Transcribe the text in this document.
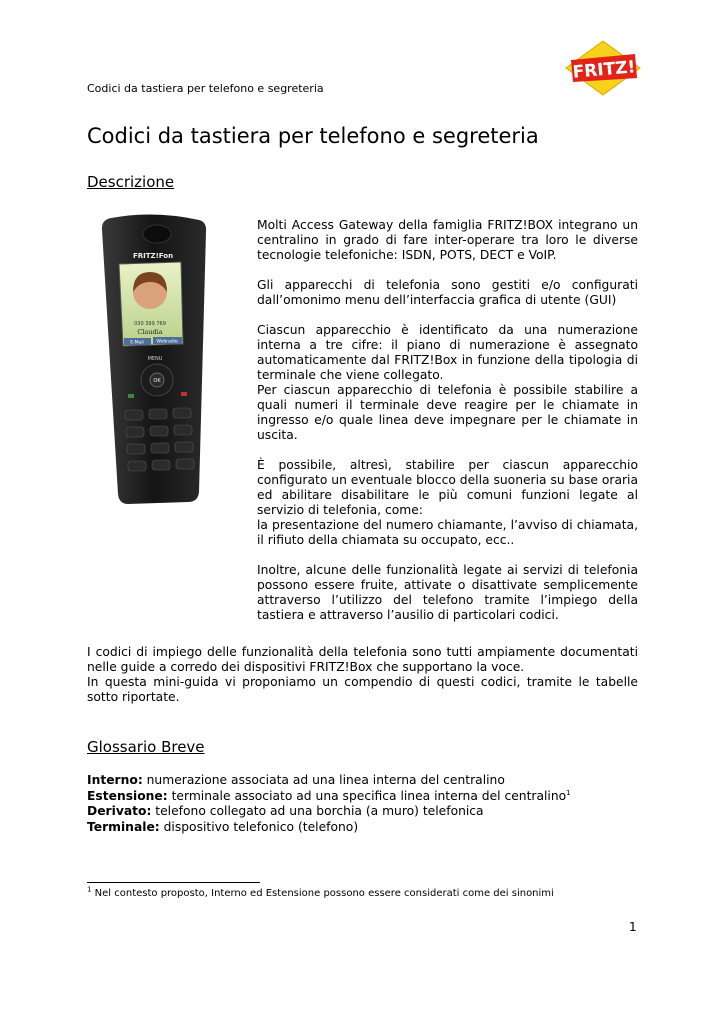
Codici da tastiera per telefono e segreteria
FRITZ!
Codici da tastiera per telefono e segreteria
Descrizione
FRITZ!Fon
030 399 769
Claudia
E-Mail	Webradio
MENU
OK

Molti Access Gateway della famiglia FRITZ!BOX integrano un centralino in grado di fare inter-operare tra loro le diverse tecnologie telefoniche: ISDN, POTS, DECT e VoIP.

Gli apparecchi di telefonia sono gestiti e/o configurati dall’omonimo menu dell’interfaccia grafica di utente (GUI)

Ciascun apparecchio è identificato da una numerazione interna a tre cifre: il piano di numerazione è assegnato automaticamente dal FRITZ!Box in funzione della tipologia di terminale che viene collegato.

Per ciascun apparecchio di telefonia è possibile stabilire a quali numeri il terminale deve reagire per le chiamate in ingresso e/o quale linea deve impegnare per le chiamate in uscita.

È possibile, altresì, stabilire per ciascun apparecchio configurato un eventuale blocco della suoneria su base oraria ed abilitare disabilitare le più comuni funzioni legate al servizio di telefonia, come:

la presentazione del numero chiamante, l’avviso di chiamata, il rifiuto della chiamata su occupato, ecc..

Inoltre, alcune delle funzionalità legate ai servizi di telefonia possono essere fruite, attivate o disattivate semplicemente attraverso l’utilizzo del telefono tramite l’impiego della tastiera e attraverso l’ausilio di particolari codici.

I codici di impiego delle funzionalità della telefonia sono tutti ampiamente documentati nelle guide a corredo dei dispositivi FRITZ!Box che supportano la voce.

In questa mini-guida vi proponiamo un compendio di questi codici, tramite le tabelle sotto riportate.

Glossario Breve
Interno: numerazione associata ad una linea interna del centralino
Estensione: terminale associato ad una specifica linea interna del centralino$^1$
Derivato: telefono collegato ad una borchia (a muro) telefonica
Terminale: dispositivo telefonico (telefono)
$^1$ Nel contesto proposto, Interno ed Estensione possono essere considerati come dei sinonimi
1
